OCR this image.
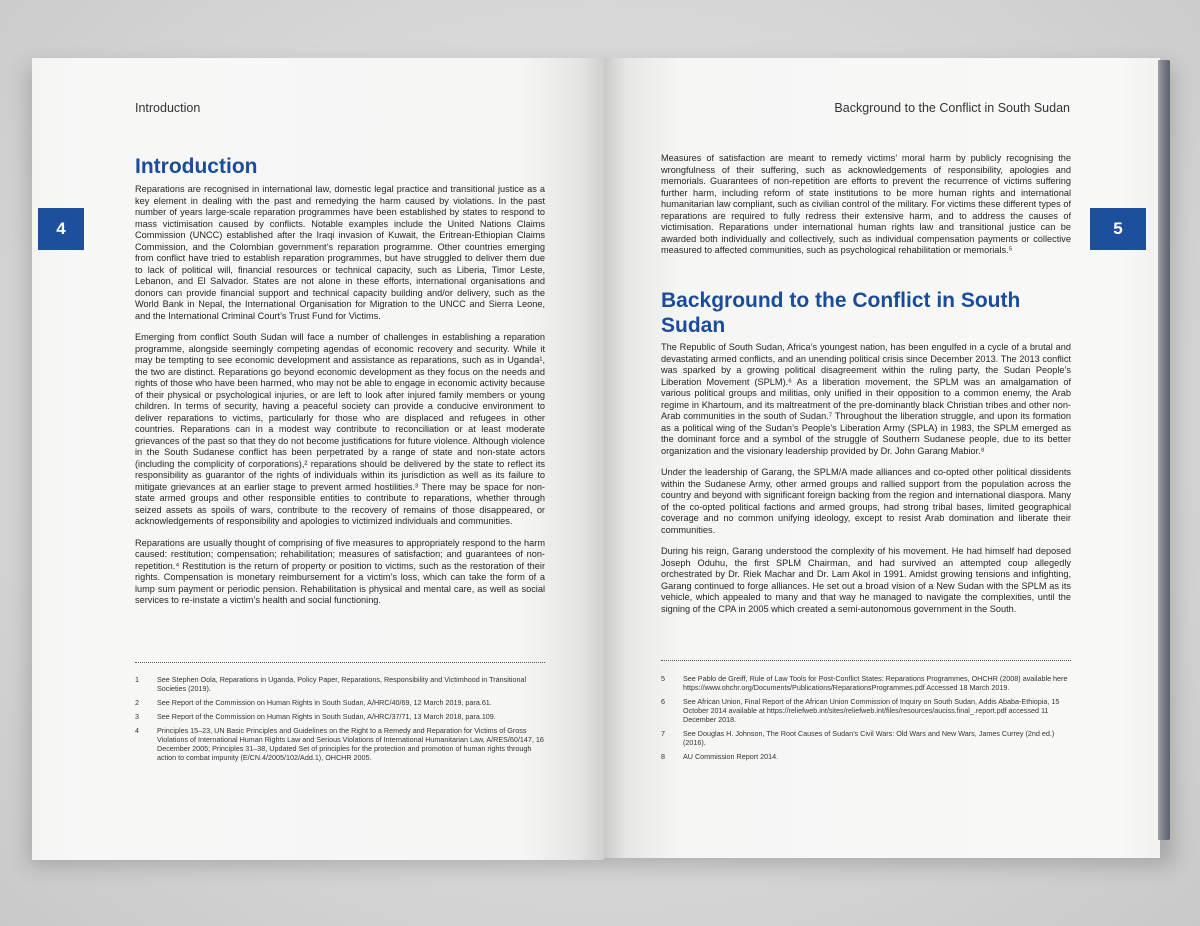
Introduction
4
Introduction

Reparations are recognised in international law, domestic legal practice and transitional justice as a key element in dealing with the past and remedying the harm caused by violations. In the past number of years large-scale reparation programmes have been established by states to respond to mass victimisation caused by conflicts. Notable examples include the United Nations Claims Commission (UNCC) established after the Iraqi invasion of Kuwait, the Eritrean-Ethiopian Claims Commission, and the Colombian government’s reparation programme. Other countries emerging from conflict have tried to establish reparation programmes, but have struggled to deliver them due to lack of political will, financial resources or technical capacity, such as Liberia, Timor Leste, Lebanon, and El Salvador. States are not alone in these efforts, international organisations and donors can provide financial support and technical capacity building and/or delivery, such as the World Bank in Nepal, the International Organisation for Migration to the UNCC and Sierra Leone, and the International Criminal Court’s Trust Fund for Victims.

Emerging from conflict South Sudan will face a number of challenges in establishing a reparation programme, alongside seemingly competing agendas of economic recovery and security. While it may be tempting to see economic development and assistance as reparations, such as in Uganda¹, the two are distinct. Reparations go beyond economic development as they focus on the needs and rights of those who have been harmed, who may not be able to engage in economic activity because of their physical or psychological injuries, or are left to look after injured family members or young children. In terms of security, having a peaceful society can provide a conducive environment to deliver reparations to victims, particularly for those who are displaced and refugees in other countries. Reparations can in a modest way contribute to reconciliation or at least moderate grievances of the past so that they do not become justifications for future violence. Although violence in the South Sudanese conflict has been perpetrated by a range of state and non-state actors (including the complicity of corporations),² reparations should be delivered by the state to reflect its responsibility as guarantor of the rights of individuals within its jurisdiction as well as its failure to mitigate grievances at an earlier stage to prevent armed hostilities.³ There may be space for non-state armed groups and other responsible entities to contribute to reparations, whether through seized assets as spoils of wars, contribute to the recovery of remains of those disappeared, or acknowledgements of responsibility and apologies to victimized individuals and communities.

Reparations are usually thought of comprising of five measures to appropriately respond to the harm caused: restitution; compensation; rehabilitation; measures of satisfaction; and guarantees of non-repetition.⁴ Restitution is the return of property or position to victims, such as the restoration of their rights. Compensation is monetary reimbursement for a victim’s loss, which can take the form of a lump sum payment or periodic pension. Rehabilitation is physical and mental care, as well as social services to re-instate a victim’s health and social functioning.

1	See Stephen Oola, Reparations in Uganda, Policy Paper, Reparations, Responsibility and Victimhood in Transitional Societies (2019).
2	See Report of the Commission on Human Rights in South Sudan, A/HRC/40/69, 12 March 2019, para.61.
3	See Report of the Commission on Human Rights in South Sudan, A/HRC/37/71, 13 March 2018, para.109.
4	Principles 15–23, UN Basic Principles and Guidelines on the Right to a Remedy and Reparation for Victims of Gross Violations of International Human Rights Law and Serious Violations of International Humanitarian Law, A/RES/60/147, 16 December 2005; Principles 31–38, Updated Set of principles for the protection and promotion of human rights through action to combat impunity (E/CN.4/2005/102/Add.1), OHCHR 2005.
Background to the Conflict in South Sudan
5

Measures of satisfaction are meant to remedy victims’ moral harm by publicly recognising the wrongfulness of their suffering, such as acknowledgements of responsibility, apologies and memorials. Guarantees of non-repetition are efforts to prevent the recurrence of victims suffering further harm, including reform of state institutions to be more human rights and international humanitarian law compliant, such as civilian control of the military. For victims these different types of reparations are required to fully redress their extensive harm, and to address the causes of victimisation. Reparations under international human rights law and transitional justice can be awarded both individually and collectively, such as individual compensation payments or collective measured to affected communities, such as psychological rehabilitation or memorials.⁵

Background to the Conflict in South Sudan

The Republic of South Sudan, Africa’s youngest nation, has been engulfed in a cycle of a brutal and devastating armed conflicts, and an unending political crisis since December 2013. The 2013 conflict was sparked by a growing political disagreement within the ruling party, the Sudan People’s Liberation Movement (SPLM).⁶ As a liberation movement, the SPLM was an amalgamation of various political groups and militias, only unified in their opposition to a common enemy, the Arab regime in Khartoum, and its maltreatment of the pre-dominantly black Christian tribes and other non-Arab communities in the south of Sudan.⁷ Throughout the liberation struggle, and upon its formation as a political wing of the Sudan’s People’s Liberation Army (SPLA) in 1983, the SPLM emerged as the dominant force and a symbol of the struggle of Southern Sudanese people, due to its better organization and the visionary leadership provided by Dr. John Garang Mabior.⁸

Under the leadership of Garang, the SPLM/A made alliances and co-opted other political dissidents within the Sudanese Army, other armed groups and rallied support from the population across the country and beyond with significant foreign backing from the region and international diaspora. Many of the co-opted political factions and armed groups, had strong tribal bases, limited geographical coverage and no common unifying ideology, except to resist Arab domination and liberate their communities.

During his reign, Garang understood the complexity of his movement. He had himself had deposed Joseph Oduhu, the first SPLM Chairman, and had survived an attempted coup allegedly orchestrated by Dr. Riek Machar and Dr. Lam Akol in 1991. Amidst growing tensions and infighting, Garang continued to forge alliances. He set out a broad vision of a New Sudan with the SPLM as its vehicle, which appealed to many and that way he managed to navigate the complexities, until the signing of the CPA in 2005 which created a semi-autonomous government in the South.

5	See Pablo de Greiff, Rule of Law Tools for Post-Conflict States: Reparations Programmes, OHCHR (2008) available here https://www.ohchr.org/Documents/Publications/ReparationsProgrammes.pdf Accessed 18 March 2019.
6	See African Union, Final Report of the African Union Commission of Inquiry on South Sudan, Addis Ababa-Ethiopia, 15 October 2014 available at https://reliefweb.int/sites/reliefweb.int/files/resources/auciss.final_.report.pdf accessed 11 December 2018.
7	See Douglas H. Johnson, The Root Causes of Sudan’s Civil Wars: Old Wars and New Wars, James Currey (2nd ed.) (2016).
8	AU Commission Report 2014.
